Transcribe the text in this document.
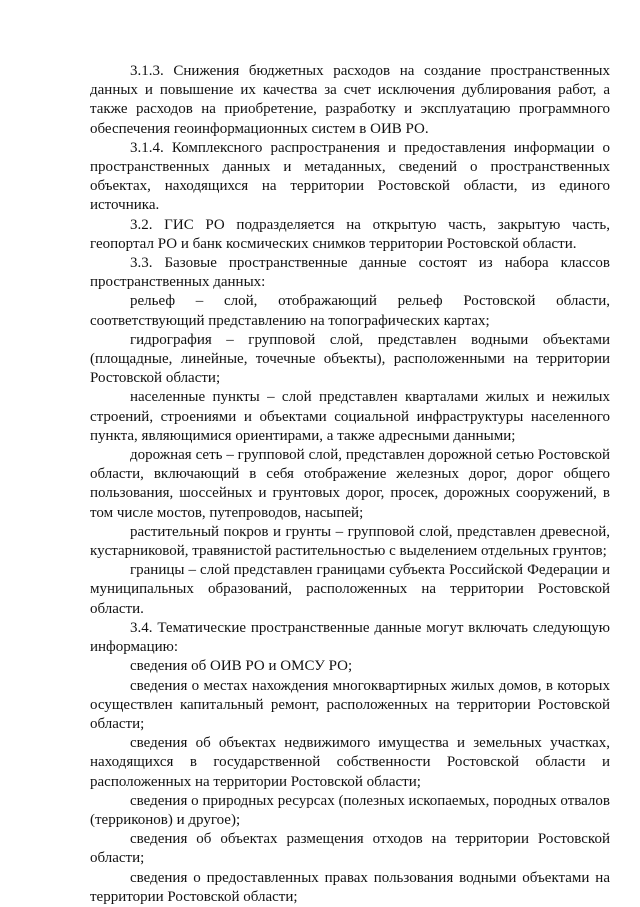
3.1.3. Снижения бюджетных расходов на создание пространственных данных и повышение их качества за счет исключения дублирования работ, а также расходов на приобретение, разработку и эксплуатацию программного обеспечения геоинформационных систем в ОИВ РО.

3.1.4. Комплексного распространения и предоставления информации о пространственных данных и метаданных, сведений о пространственных объектах, находящихся на территории Ростовской области, из единого источника.

3.2. ГИС РО подразделяется на открытую часть, закрытую часть, геопортал РО и банк космических снимков территории Ростовской области.

3.3. Базовые пространственные данные состоят из набора классов пространственных данных:

рельеф – слой, отображающий рельеф Ростовской области, соответствующий представлению на топографических картах;

гидрография – групповой слой, представлен водными объектами (площадные, линейные, точечные объекты), расположенными на территории Ростовской области;

населенные пункты – слой представлен кварталами жилых и нежилых строений, строениями и объектами социальной инфраструктуры населенного пункта, являющимися ориентирами, а также адресными данными;

дорожная сеть – групповой слой, представлен дорожной сетью Ростовской области, включающий в себя отображение железных дорог, дорог общего пользования, шоссейных и грунтовых дорог, просек, дорожных сооружений, в том числе мостов, путепроводов, насыпей;

растительный покров и грунты – групповой слой, представлен древесной, кустарниковой, травянистой растительностью с выделением отдельных грунтов;

границы – слой представлен границами субъекта Российской Федерации и муниципальных образований, расположенных на территории Ростовской области.

3.4. Тематические пространственные данные могут включать следующую информацию:

сведения об ОИВ РО и ОМСУ РО;

сведения о местах нахождения многоквартирных жилых домов, в которых осуществлен капитальный ремонт, расположенных на территории Ростовской области;

сведения об объектах недвижимого имущества и земельных участках, находящихся в государственной собственности Ростовской области и расположенных на территории Ростовской области;

сведения о природных ресурсах (полезных ископаемых, породных отвалов (терриконов) и другое);

сведения об объектах размещения отходов на территории Ростовской области;

сведения о предоставленных правах пользования водными объектами на территории Ростовской области;
